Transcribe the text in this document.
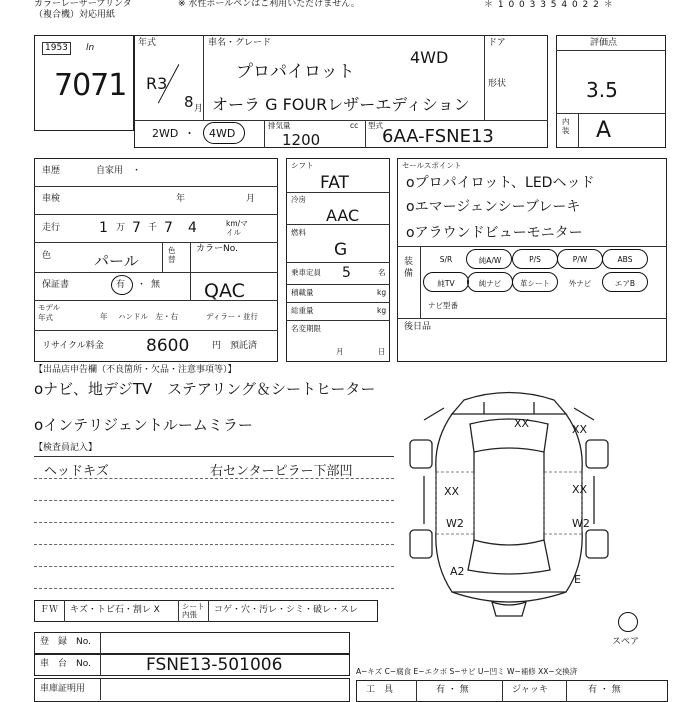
カラーレーザープリンタ
（複合機）対応用紙
※ 水性ボールペンはご利用いただけません。	＊ 1 0 0 3 3 5 4 0 2 2 ＊
1953	ln
7071
年式
R3
8 月
車名・グレード
プロパイロット
4WD
オーラ G FOURレザーエディション
ドア
形状
2WD ・ 4WD
排気量	cc
1200
型式
6AA-FSNE13
評価点
3.5
内装 A
車歴	自家用　・
車検	年	月
走行	1 万 7 千 7 4	km/マイル
色	パール
色替
カラーNo.
QAC
保証書	有 ・ 無
モデル
年式	年 ハンドル　左・右	ディラー・並行
リサイクル料金 8600	円　預託済
シフト
FAT
冷房
AAC
燃料
G
乗車定員 5	名
積載量	kg
総重量	kg
名変期限
月	日
セールスポイント
oプロパイロット、LEDヘッド
oエマージェンシーブレーキ
oアラウンドビューモニター
装備
S/R	純A/W	P/S	P/W	ABS
純TV	純ナビ	革シート	外ナビ	エアB
ナビ型番
後日品
【出品店申告欄（不良箇所・欠品・注意事項等）】
oナビ、地デジTV　ステアリング＆シートヒーター
oインテリジェントルームミラー
【検査員記入】
ヘッドキズ	右センターピラー下部凹
XX	XX
XX	XX
W2	W2
A2
E
スペア
ＦＷ キズ・トビ石・割レ X	シート内張	コゲ・穴・汚レ・シミ・破レ・スレ
登　録　No.
車　台　No.	FSNE13-501006
車庫証明用
A−キズ C−腐食 E−エクボ S−サビ U−凹ミ W−補修 XX−交換済
工　具	有 ・ 無	ジャッキ	有 ・ 無
